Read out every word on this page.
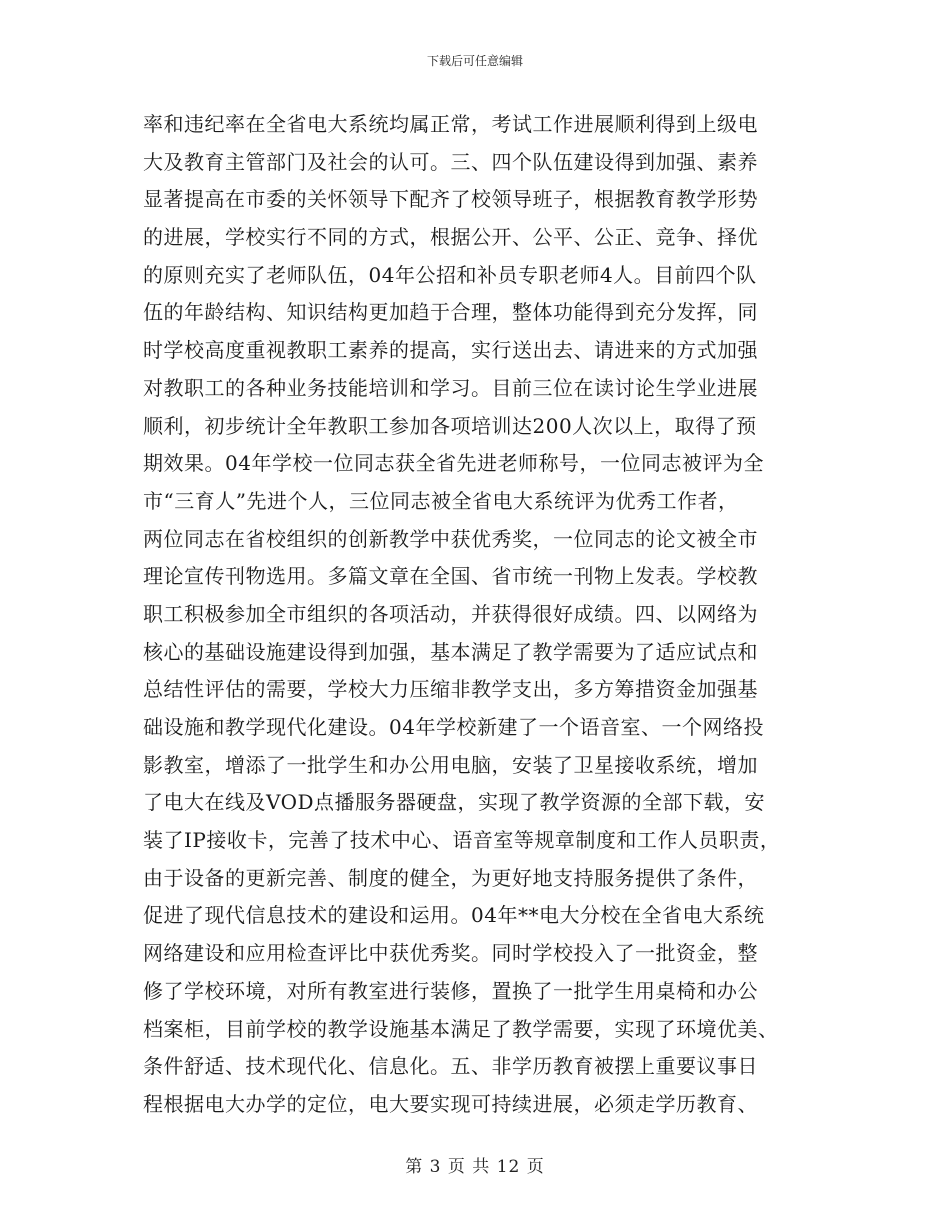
下载后可任意编辑
率和违纪率在全省电大系统均属正常，考试工作进展顺利得到上级电
大及教育主管部门及社会的认可。三、四个队伍建设得到加强、素养
显著提高在市委的关怀领导下配齐了校领导班子，根据教育教学形势
的进展，学校实行不同的方式，根据公开、公平、公正、竞争、择优
的原则充实了老师队伍，04年公招和补员专职老师4人。目前四个队
伍的年龄结构、知识结构更加趋于合理，整体功能得到充分发挥，同
时学校高度重视教职工素养的提高，实行送出去、请进来的方式加强
对教职工的各种业务技能培训和学习。目前三位在读讨论生学业进展
顺利，初步统计全年教职工参加各项培训达200人次以上，取得了预
期效果。04年学校一位同志获全省先进老师称号，一位同志被评为全
市“三育人”先进个人，三位同志被全省电大系统评为优秀工作者，
两位同志在省校组织的创新教学中获优秀奖，一位同志的论文被全市
理论宣传刊物选用。多篇文章在全国、省市统一刊物上发表。学校教
职工积极参加全市组织的各项活动，并获得很好成绩。四、以网络为
核心的基础设施建设得到加强，基本满足了教学需要为了适应试点和
总结性评估的需要，学校大力压缩非教学支出，多方筹措资金加强基
础设施和教学现代化建设。04年学校新建了一个语音室、一个网络投
影教室，增添了一批学生和办公用电脑，安装了卫星接收系统，增加
了电大在线及VOD点播服务器硬盘，实现了教学资源的全部下载，安
装了IP接收卡，完善了技术中心、语音室等规章制度和工作人员职责，
由于设备的更新完善、制度的健全，为更好地支持服务提供了条件，
促进了现代信息技术的建设和运用。04年**电大分校在全省电大系统
网络建设和应用检查评比中获优秀奖。同时学校投入了一批资金，整
修了学校环境，对所有教室进行装修，置换了一批学生用桌椅和办公
档案柜，目前学校的教学设施基本满足了教学需要，实现了环境优美、
条件舒适、技术现代化、信息化。五、非学历教育被摆上重要议事日
程根据电大办学的定位，电大要实现可持续进展，必须走学历教育、
第 3 页 共 12 页
